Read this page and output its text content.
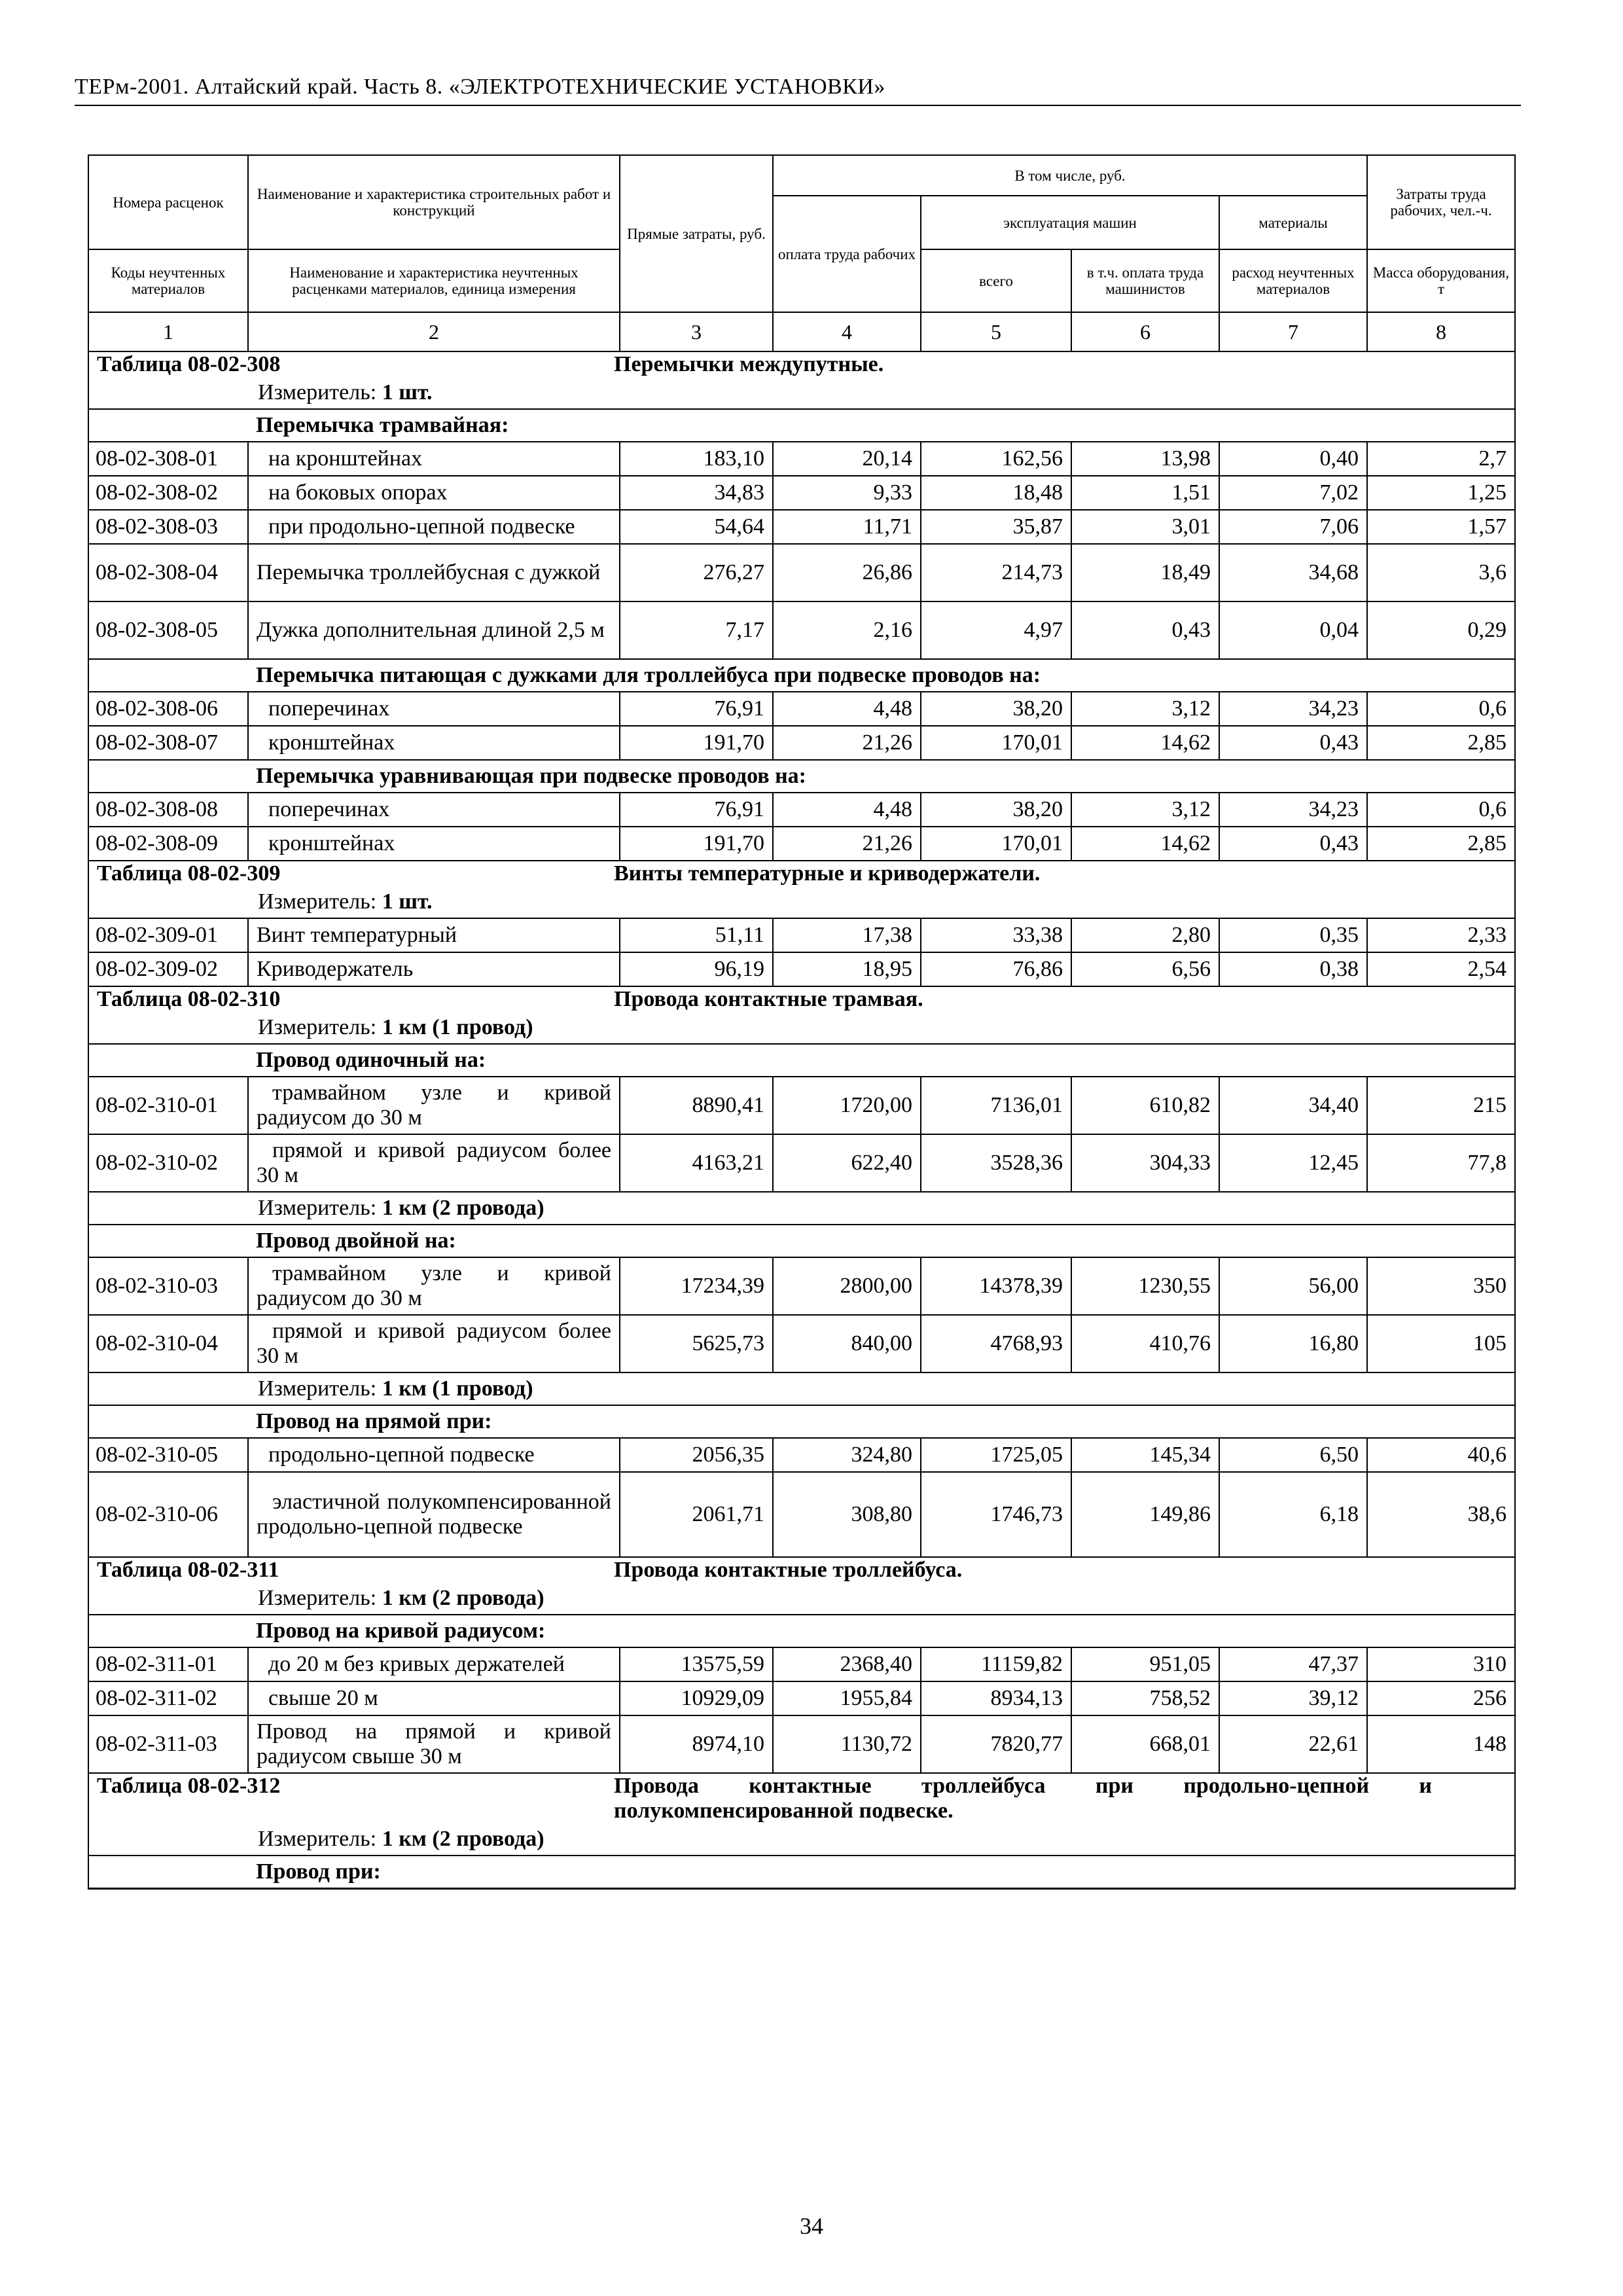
ТЕРм-2001. Алтайский край. Часть 8. «ЭЛЕКТРОТЕХНИЧЕСКИЕ УСТАНОВКИ»
Номера расценок	Наименование и характеристика строительных работ и конструкций	Прямые затраты, руб.	В том числе, руб.				Затраты труда рабочих, чел.-ч.
			оплата труда рабочих	эксплуатация машин		материалы	
Коды неучтенных материалов	Наименование и характеристика неучтенных расценками материалов, единица измерения			всего	в т.ч. оплата труда машинистов	расход неучтенных материалов	Масса оборудования, т
1	2	3	4	5	6	7	8
Таблица 08-02-308 Перемычки междупутные.							
Измеритель: 1 шт.							
	Перемычка трамвайная:						
08-02-308-01	на кронштейнах	183,10	20,14	162,56	13,98	0,40	2,7
08-02-308-02	на боковых опорах	34,83	9,33	18,48	1,51	7,02	1,25
08-02-308-03	при продольно-цепной подвеске	54,64	11,71	35,87	3,01	7,06	1,57
08-02-308-04	Перемычка троллейбусная с дужкой	276,27	26,86	214,73	18,49	34,68	3,6
08-02-308-05	Дужка дополнительная длиной 2,5 м	7,17	2,16	4,97	0,43	0,04	0,29
	Перемычка питающая с дужками для троллейбуса при подвеске проводов на:						
08-02-308-06	поперечинах	76,91	4,48	38,20	3,12	34,23	0,6
08-02-308-07	кронштейнах	191,70	21,26	170,01	14,62	0,43	2,85
	Перемычка уравнивающая при подвеске проводов на:						
08-02-308-08	поперечинах	76,91	4,48	38,20	3,12	34,23	0,6
08-02-308-09	кронштейнах	191,70	21,26	170,01	14,62	0,43	2,85
Таблица 08-02-309 Винты температурные и криводержатели.							
Измеритель: 1 шт.							
08-02-309-01	Винт температурный	51,11	17,38	33,38	2,80	0,35	2,33
08-02-309-02	Криводержатель	96,19	18,95	76,86	6,56	0,38	2,54
Таблица 08-02-310 Провода контактные трамвая.							
Измеритель: 1 км (1 провод)							
	Провод одиночный на:						
08-02-310-01	трамвайном узле и кривой радиусом до 30 м	8890,41	1720,00	7136,01	610,82	34,40	215
08-02-310-02	прямой и кривой радиусом более 30 м	4163,21	622,40	3528,36	304,33	12,45	77,8
Измеритель: 1 км (2 провода)							
	Провод двойной на:						
08-02-310-03	трамвайном узле и кривой радиусом до 30 м	17234,39	2800,00	14378,39	1230,55	56,00	350
08-02-310-04	прямой и кривой радиусом более 30 м	5625,73	840,00	4768,93	410,76	16,80	105
Измеритель: 1 км (1 провод)							
	Провод на прямой при:						
08-02-310-05	продольно-цепной подвеске	2056,35	324,80	1725,05	145,34	6,50	40,6
08-02-310-06	эластичной полукомпенсированной продольно-цепной подвеске	2061,71	308,80	1746,73	149,86	6,18	38,6
Таблица 08-02-311 Провода контактные троллейбуса.							
Измеритель: 1 км (2 провода)							
	Провод на кривой радиусом:						
08-02-311-01	до 20 м без кривых держателей	13575,59	2368,40	11159,82	951,05	47,37	310
08-02-311-02	свыше 20 м	10929,09	1955,84	8934,13	758,52	39,12	256
08-02-311-03	Провод на прямой и кривой радиусом свыше 30 м	8974,10	1130,72	7820,77	668,01	22,61	148
Таблица 08-02-312 Провода контактные троллейбуса при продольно-цепной и полукомпенсированной подвеске.							
Измеритель: 1 км (2 провода)							
	Провод при:						
34
